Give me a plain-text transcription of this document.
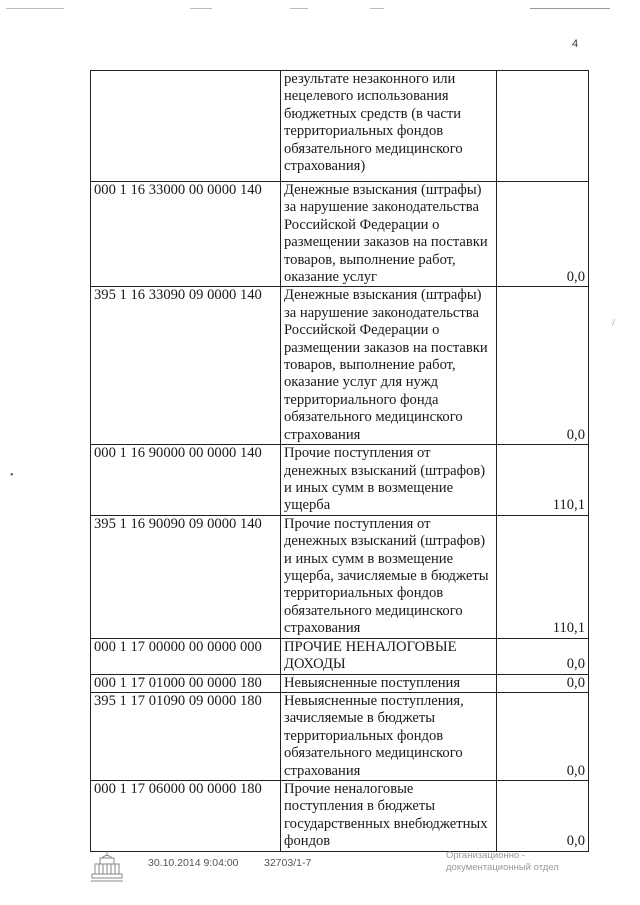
4
	результате незаконного или нецелевого использования бюджетных средств (в части территориальных фондов обязательного медицинского страхования)	
000 1 16 33000 00 0000 140	Денежные взыскания (штрафы) за нарушение законодательства Российской Федерации о размещении заказов на поставки товаров, выполнение работ, оказание услуг	0,0
395 1 16 33090 09 0000 140	Денежные взыскания (штрафы) за нарушение законодательства Российской Федерации о размещении заказов на поставки товаров, выполнение работ, оказание услуг для нужд территориального фонда обязательного медицинского страхования	0,0
000 1 16 90000 00 0000 140	Прочие поступления от денежных взысканий (штрафов) и иных сумм в возмещение ущерба	110,1
395 1 16 90090 09 0000 140	Прочие поступления от денежных взысканий (штрафов) и иных сумм в возмещение ущерба, зачисляемые в бюджеты территориальных фондов обязательного медицинского страхования	110,1
000 1 17 00000 00 0000 000	ПРОЧИЕ НЕНАЛОГОВЫЕ ДОХОДЫ	0,0
000 1 17 01000 00 0000 180	Невыясненные поступления	0,0
395 1 17 01090 09 0000 180	Невыясненные поступления, зачисляемые в бюджеты территориальных фондов обязательного медицинского страхования	0,0
000 1 17 06000 00 0000 180	Прочие неналоговые поступления в бюджеты государственных внебюджетных фондов	0,0
•
/
30.10.2014 9:04:00 32703/1-7
Организационно -
документационный отдел
